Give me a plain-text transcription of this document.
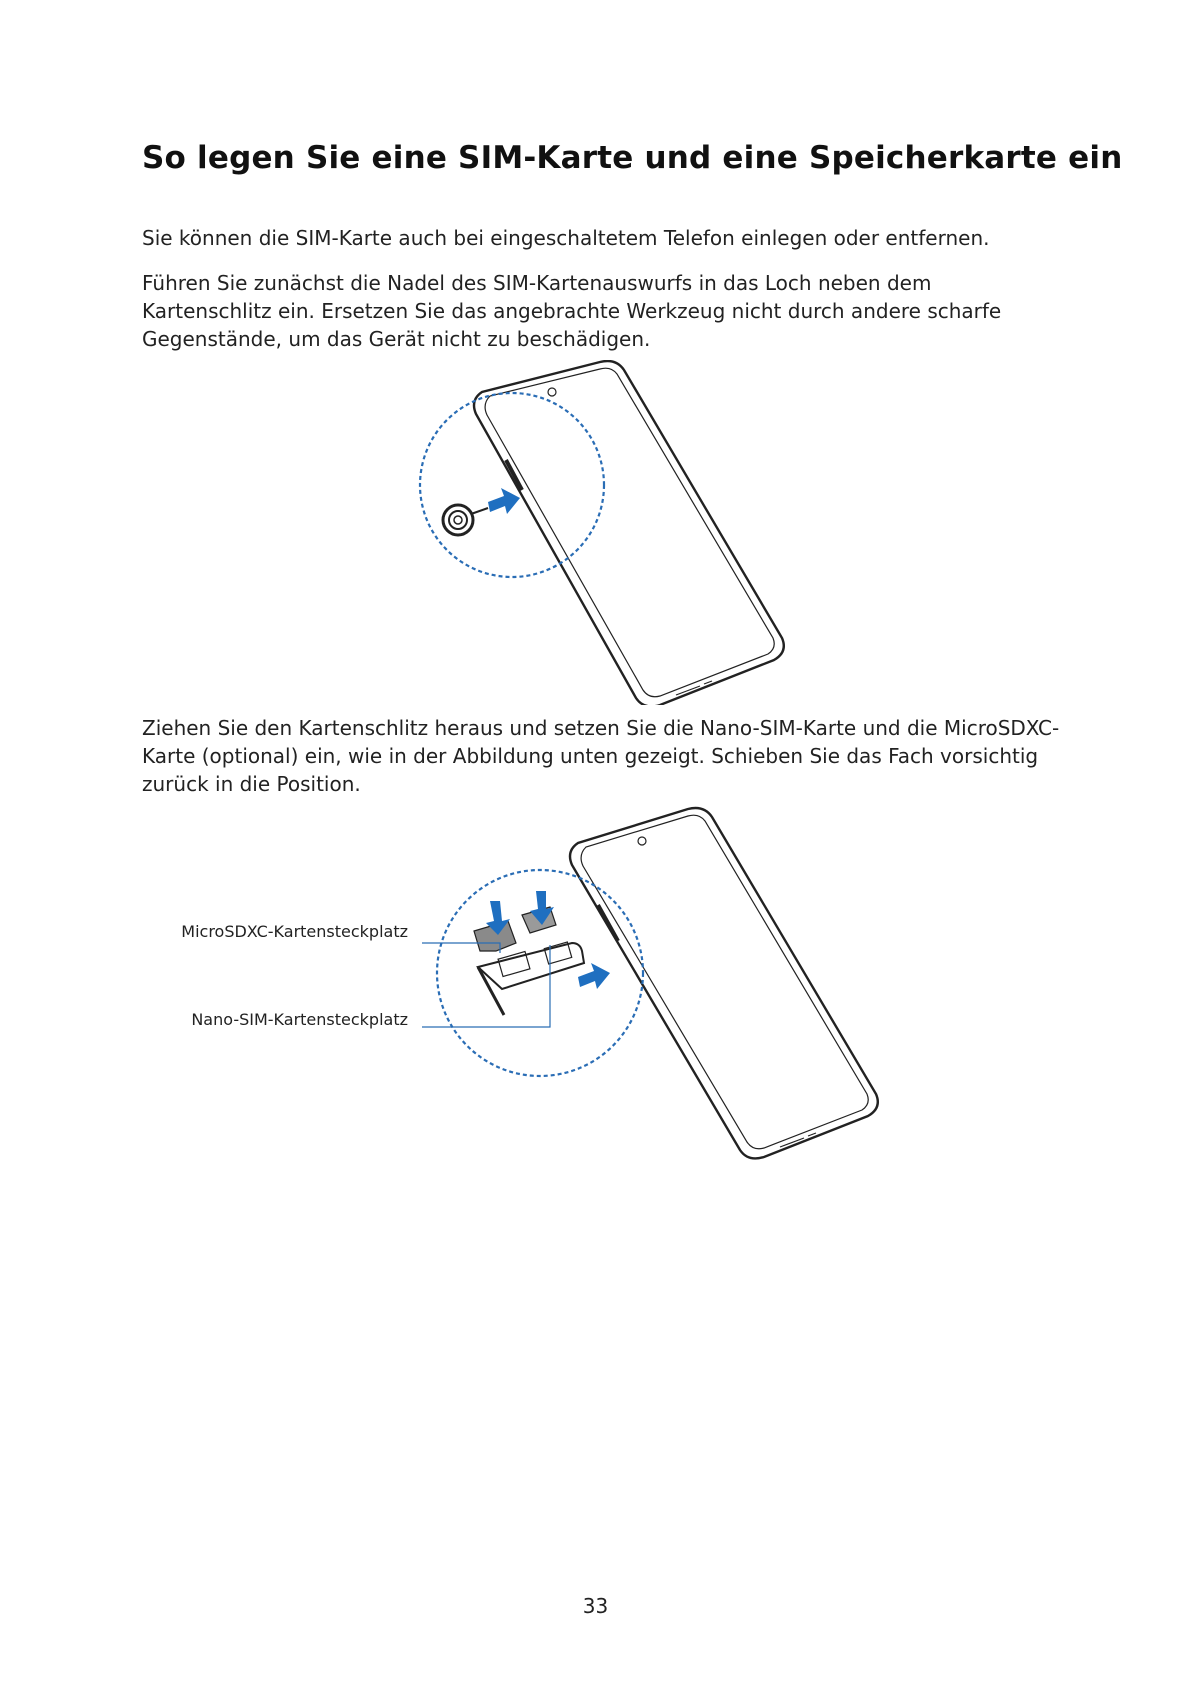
So legen Sie eine SIM-Karte und eine Speicherkarte ein

Sie können die SIM-Karte auch bei eingeschaltetem Telefon einlegen oder entfernen.

Führen Sie zunächst die Nadel des SIM-Kartenauswurfs in das Loch neben dem Kartenschlitz ein. Ersetzen Sie das angebrachte Werkzeug nicht durch andere scharfe Gegenstände, um das Gerät nicht zu beschädigen.

Ziehen Sie den Kartenschlitz heraus und setzen Sie die Nano-SIM-Karte und die MicroSDXC-Karte (optional) ein, wie in der Abbildung unten gezeigt. Schieben Sie das Fach vorsichtig zurück in die Position.

MicroSDXC-Kartensteckplatz
Nano-SIM-Kartensteckplatz
33
